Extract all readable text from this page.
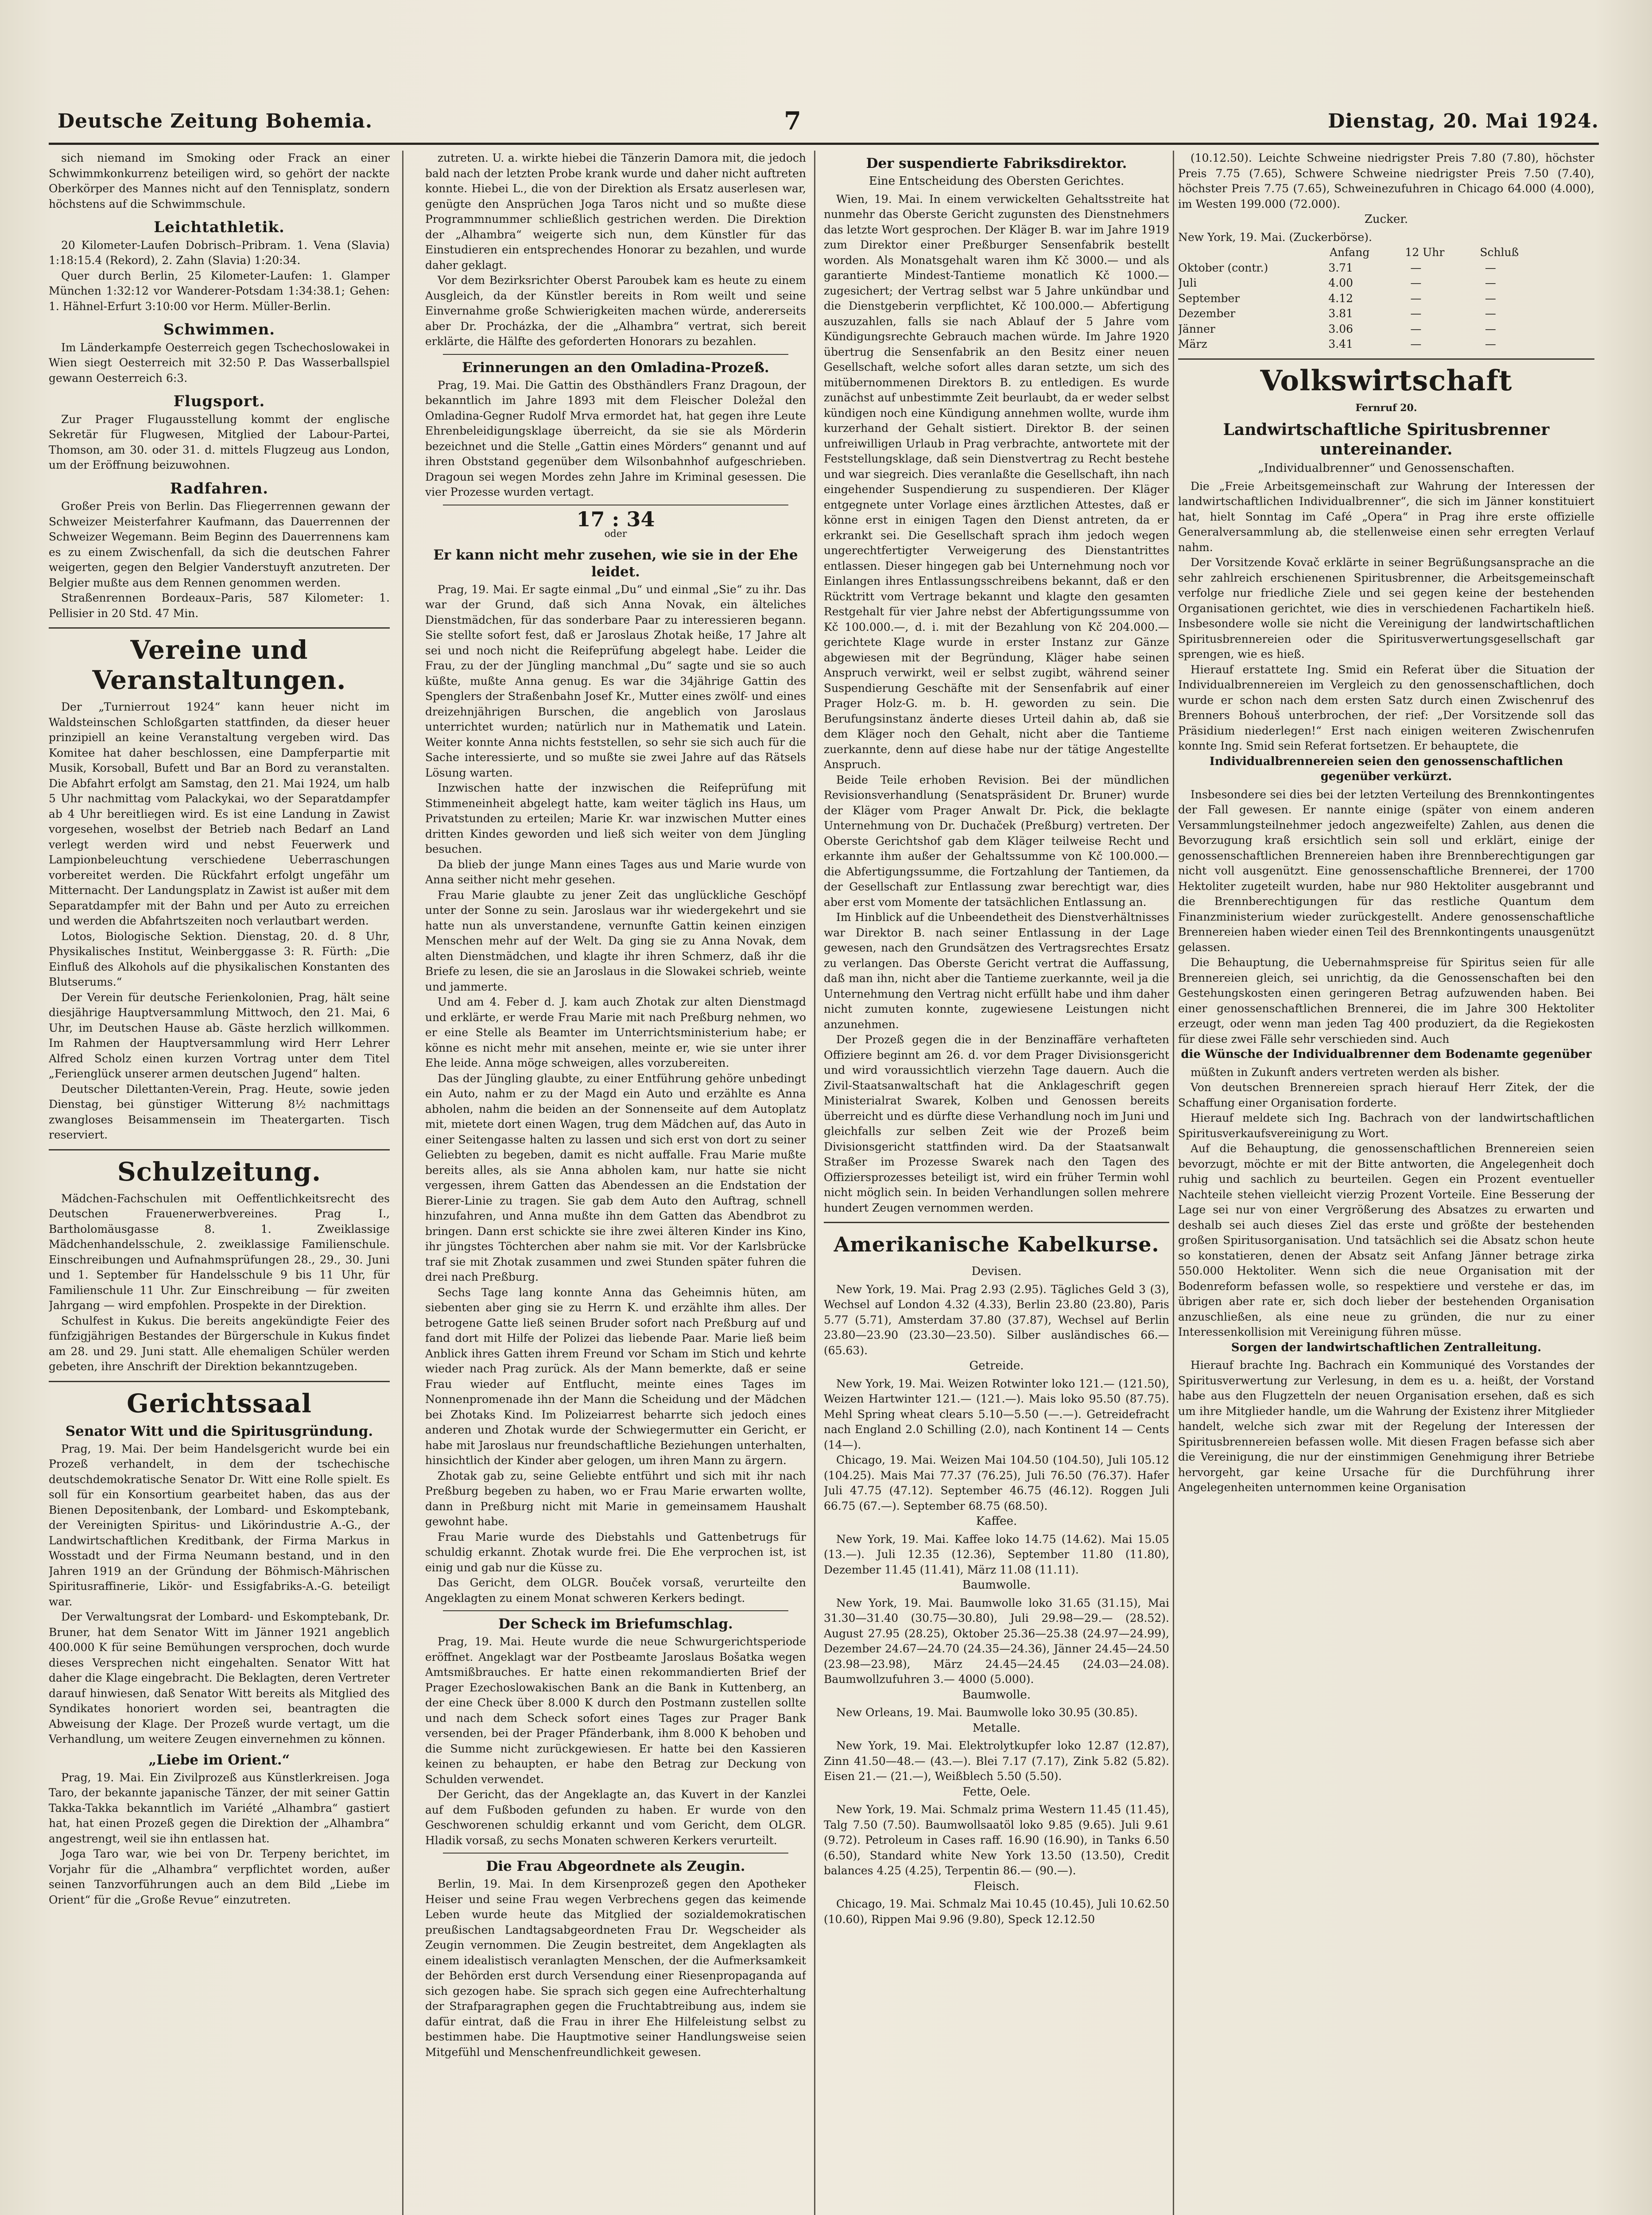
Deutsche Zeitung Bohemia.	7	Dienstag, 20. Mai 1924.

sich niemand im Smoking oder Frack an einer Schwimmkonkurrenz beteiligen wird, so gehört der nackte Oberkörper des Mannes nicht auf den Tennisplatz, sondern höchstens auf die Schwimmschule.

Leichtathletik.

20 Kilometer-Laufen Dobrisch–Pribram. 1. Vena (Slavia) 1:18:15.4 (Rekord), 2. Zahn (Slavia) 1:20:34.

Quer durch Berlin, 25 Kilometer-Laufen: 1. Glamper München 1:32:12 vor Wanderer-Potsdam 1:34:38.1; Gehen: 1. Hähnel-Erfurt 3:10:00 vor Herm. Müller-Berlin.

Schwimmen.

Im Länderkampfe Oesterreich gegen Tschechoslowakei in Wien siegt Oesterreich mit 32:50 P. Das Wasserballspiel gewann Oesterreich 6:3.

Flugsport.

Zur Prager Flugausstellung kommt der englische Sekretär für Flugwesen, Mitglied der Labour-Partei, Thomson, am 30. oder 31. d. mittels Flugzeug aus London, um der Eröffnung beizuwohnen.

Radfahren.

Großer Preis von Berlin. Das Fliegerrennen gewann der Schweizer Meisterfahrer Kaufmann, das Dauerrennen der Schweizer Wegemann. Beim Beginn des Dauerrennens kam es zu einem Zwischenfall, da sich die deutschen Fahrer weigerten, gegen den Belgier Vanderstuyft anzutreten. Der Belgier mußte aus dem Rennen genommen werden.

Straßenrennen Bordeaux–Paris, 587 Kilometer: 1. Pellisier in 20 Std. 47 Min.

Vereine und Veranstaltungen.

Der „Turnierrout 1924“ kann heuer nicht im Waldsteinschen Schloßgarten stattfinden, da dieser heuer prinzipiell an keine Veranstaltung vergeben wird. Das Komitee hat daher beschlossen, eine Dampferpartie mit Musik, Korsoball, Bufett und Bar an Bord zu veranstalten. Die Abfahrt erfolgt am Samstag, den 21. Mai 1924, um halb 5 Uhr nachmittag vom Palackykai, wo der Separatdampfer ab 4 Uhr bereitliegen wird. Es ist eine Landung in Zawist vorgesehen, woselbst der Betrieb nach Bedarf an Land verlegt werden wird und nebst Feuerwerk und Lampionbeleuchtung verschiedene Ueberraschungen vorbereitet werden. Die Rückfahrt erfolgt ungefähr um Mitternacht. Der Landungsplatz in Zawist ist außer mit dem Separatdampfer mit der Bahn und per Auto zu erreichen und werden die Abfahrtszeiten noch verlautbart werden.

Lotos, Biologische Sektion. Dienstag, 20. d. 8 Uhr, Physikalisches Institut, Weinberggasse 3: R. Fürth: „Die Einfluß des Alkohols auf die physikalischen Konstanten des Blutserums.“

Der Verein für deutsche Ferienkolonien, Prag, hält seine diesjährige Hauptversammlung Mittwoch, den 21. Mai, 6 Uhr, im Deutschen Hause ab. Gäste herzlich willkommen. Im Rahmen der Hauptversammlung wird Herr Lehrer Alfred Scholz einen kurzen Vortrag unter dem Titel „Ferienglück unserer armen deutschen Jugend“ halten.

Deutscher Dilettanten-Verein, Prag. Heute, sowie jeden Dienstag, bei günstiger Witterung 8½ nachmittags zwangloses Beisammensein im Theatergarten. Tisch reserviert.

Schulzeitung.

Mädchen-Fachschulen mit Oeffentlichkeitsrecht des Deutschen Frauenerwerbvereines. Prag I., Bartholomäusgasse 8. 1. Zweiklassige Mädchenhandelsschule, 2. zweiklassige Familienschule. Einschreibungen und Aufnahmsprüfungen 28., 29., 30. Juni und 1. September für Handelsschule 9 bis 11 Uhr, für Familienschule 11 Uhr. Zur Einschreibung — für zweiten Jahrgang — wird empfohlen. Prospekte in der Direktion.

Schulfest in Kukus. Die bereits angekündigte Feier des fünfzigjährigen Bestandes der Bürgerschule in Kukus findet am 28. und 29. Juni statt. Alle ehemaligen Schüler werden gebeten, ihre Anschrift der Direktion bekanntzugeben.

Gerichtssaal
Senator Witt und die Spiritusgründung.

Prag, 19. Mai. Der beim Handelsgericht wurde bei ein Prozeß verhandelt, in dem der tschechische deutschdemokratische Senator Dr. Witt eine Rolle spielt. Es soll für ein Konsortium gearbeitet haben, das aus der Bienen Depositenbank, der Lombard- und Eskomptebank, der Vereinigten Spiritus- und Likörindustrie A.-G., der Landwirtschaftlichen Kreditbank, der Firma Markus in Wosstadt und der Firma Neumann bestand, und in den Jahren 1919 an der Gründung der Böhmisch-Mährischen Spiritusraffinerie, Likör- und Essigfabriks-A.-G. beteiligt war.

Der Verwaltungsrat der Lombard- und Eskomptebank, Dr. Bruner, hat dem Senator Witt im Jänner 1921 angeblich 400.000 K für seine Bemühungen versprochen, doch wurde dieses Versprechen nicht eingehalten. Senator Witt hat daher die Klage eingebracht. Die Beklagten, deren Vertreter darauf hinwiesen, daß Senator Witt bereits als Mitglied des Syndikates honoriert worden sei, beantragten die Abweisung der Klage. Der Prozeß wurde vertagt, um die Verhandlung, um weitere Zeugen einvernehmen zu können.

„Liebe im Orient.“

Prag, 19. Mai. Ein Zivilprozeß aus Künstlerkreisen. Joga Taro, der bekannte japanische Tänzer, der mit seiner Gattin Takka-Takka bekanntlich im Variété „Alhambra“ gastiert hat, hat einen Prozeß gegen die Direktion der „Alhambra“ angestrengt, weil sie ihn entlassen hat.

Joga Taro war, wie bei von Dr. Terpeny berichtet, im Vorjahr für die „Alhambra“ verpflichtet worden, außer seinen Tanzvorführungen auch an dem Bild „Liebe im Orient“ für die „Große Revue“ einzutreten.

zutreten. U. a. wirkte hiebei die Tänzerin Damora mit, die jedoch bald nach der letzten Probe krank wurde und daher nicht auftreten konnte. Hiebei L., die von der Direktion als Ersatz auserlesen war, genügte den Ansprüchen Joga Taros nicht und so mußte diese Programmnummer schließlich gestrichen werden. Die Direktion der „Alhambra“ weigerte sich nun, dem Künstler für das Einstudieren ein entsprechendes Honorar zu bezahlen, und wurde daher geklagt.

Vor dem Bezirksrichter Oberst Paroubek kam es heute zu einem Ausgleich, da der Künstler bereits in Rom weilt und seine Einvernahme große Schwierigkeiten machen würde, andererseits aber Dr. Procházka, der die „Alhambra“ vertrat, sich bereit erklärte, die Hälfte des geforderten Honorars zu bezahlen.

Erinnerungen an den Omladina-Prozeß.

Prag, 19. Mai. Die Gattin des Obsthändlers Franz Dragoun, der bekanntlich im Jahre 1893 mit dem Fleischer Doležal den Omladina-Gegner Rudolf Mrva ermordet hat, hat gegen ihre Leute Ehrenbeleidigungsklage überreicht, da sie sie als Mörderin bezeichnet und die Stelle „Gattin eines Mörders“ genannt und auf ihren Obststand gegenüber dem Wilsonbahnhof aufgeschrieben. Dragoun sei wegen Mordes zehn Jahre im Kriminal gesessen. Die vier Prozesse wurden vertagt.

17 : 34
oder
Er kann nicht mehr zusehen, wie sie in der Ehe leidet.

Prag, 19. Mai. Er sagte einmal „Du“ und einmal „Sie“ zu ihr. Das war der Grund, daß sich Anna Novak, ein älteliches Dienstmädchen, für das sonderbare Paar zu interessieren begann. Sie stellte sofort fest, daß er Jaroslaus Zhotak heiße, 17 Jahre alt sei und noch nicht die Reifeprüfung abgelegt habe. Leider die Frau, zu der der Jüngling manchmal „Du“ sagte und sie so auch küßte, mußte Anna genug. Es war die 34jährige Gattin des Spenglers der Straßenbahn Josef Kr., Mutter eines zwölf- und eines dreizehnjährigen Burschen, die angeblich von Jaroslaus unterrichtet wurden; natürlich nur in Mathematik und Latein. Weiter konnte Anna nichts feststellen, so sehr sie sich auch für die Sache interessierte, und so mußte sie zwei Jahre auf das Rätsels Lösung warten.

Inzwischen hatte der inzwischen die Reifeprüfung mit Stimmeneinheit abgelegt hatte, kam weiter täglich ins Haus, um Privatstunden zu erteilen; Marie Kr. war inzwischen Mutter eines dritten Kindes geworden und ließ sich weiter von dem Jüngling besuchen.

Da blieb der junge Mann eines Tages aus und Marie wurde von Anna seither nicht mehr gesehen.

Frau Marie glaubte zu jener Zeit das unglückliche Geschöpf unter der Sonne zu sein. Jaroslaus war ihr wiedergekehrt und sie hatte nun als unverstandene, vernunfte Gattin keinen einzigen Menschen mehr auf der Welt. Da ging sie zu Anna Novak, dem alten Dienstmädchen, und klagte ihr ihren Schmerz, daß ihr die Briefe zu lesen, die sie an Jaroslaus in die Slowakei schrieb, weinte und jammerte.

Und am 4. Feber d. J. kam auch Zhotak zur alten Dienstmagd und erklärte, er werde Frau Marie mit nach Preßburg nehmen, wo er eine Stelle als Beamter im Unterrichtsministerium habe; er könne es nicht mehr mit ansehen, meinte er, wie sie unter ihrer Ehe leide. Anna möge schweigen, alles vorzubereiten.

Das der Jüngling glaubte, zu einer Entführung gehöre unbedingt ein Auto, nahm er zu der Magd ein Auto und erzählte es Anna abholen, nahm die beiden an der Sonnenseite auf dem Autoplatz mit, mietete dort einen Wagen, trug dem Mädchen auf, das Auto in einer Seitengasse halten zu lassen und sich erst von dort zu seiner Geliebten zu begeben, damit es nicht auffalle. Frau Marie mußte bereits alles, als sie Anna abholen kam, nur hatte sie nicht vergessen, ihrem Gatten das Abendessen an die Endstation der Bierer-Linie zu tragen. Sie gab dem Auto den Auftrag, schnell hinzufahren, und Anna mußte ihn dem Gatten das Abendbrot zu bringen. Dann erst schickte sie ihre zwei älteren Kinder ins Kino, ihr jüngstes Töchterchen aber nahm sie mit. Vor der Karlsbrücke traf sie mit Zhotak zusammen und zwei Stunden später fuhren die drei nach Preßburg.

Sechs Tage lang konnte Anna das Geheimnis hüten, am siebenten aber ging sie zu Herrn K. und erzählte ihm alles. Der betrogene Gatte ließ seinen Bruder sofort nach Preßburg auf und fand dort mit Hilfe der Polizei das liebende Paar. Marie ließ beim Anblick ihres Gatten ihrem Freund vor Scham im Stich und kehrte wieder nach Prag zurück. Als der Mann bemerkte, daß er seine Frau wieder auf Entflucht, meinte eines Tages im Nonnenpromenade ihn der Mann die Scheidung und der Mädchen bei Zhotaks Kind. Im Polizeiarrest beharrte sich jedoch eines anderen und Zhotak wurde der Schwiegermutter ein Gericht, er habe mit Jaroslaus nur freundschaftliche Beziehungen unterhalten, hinsichtlich der Kinder aber gelogen, um ihren Mann zu ärgern.

Zhotak gab zu, seine Geliebte entführt und sich mit ihr nach Preßburg begeben zu haben, wo er Frau Marie erwarten wollte, dann in Preßburg nicht mit Marie in gemeinsamem Haushalt gewohnt habe.

Frau Marie wurde des Diebstahls und Gattenbetrugs für schuldig erkannt. Zhotak wurde frei. Die Ehe verprochen ist, ist einig und gab nur die Küsse zu.

Das Gericht, dem OLGR. Bouček vorsaß, verurteilte den Angeklagten zu einem Monat schweren Kerkers bedingt.

Der Scheck im Briefumschlag.

Prag, 19. Mai. Heute wurde die neue Schwurgerichtsperiode eröffnet. Angeklagt war der Postbeamte Jaroslaus Bošatka wegen Amtsmißbrauches. Er hatte einen rekommandierten Brief der Prager Ezechoslowakischen Bank an die Bank in Kuttenberg, an der eine Check über 8.000 K durch den Postmann zustellen sollte und nach dem Scheck sofort eines Tages zur Prager Bank versenden, bei der Prager Pfänderbank, ihm 8.000 K behoben und die Summe nicht zurückgewiesen. Er hatte bei den Kassieren keinen zu behaupten, er habe den Betrag zur Deckung von Schulden verwendet.

Der Gericht, das der Angeklagte an, das Kuvert in der Kanzlei auf dem Fußboden gefunden zu haben. Er wurde von den Geschworenen schuldig erkannt und vom Gericht, dem OLGR. Hladik vorsaß, zu sechs Monaten schweren Kerkers verurteilt.

Die Frau Abgeordnete als Zeugin.

Berlin, 19. Mai. In dem Kirsenprozeß gegen den Apotheker Heiser und seine Frau wegen Verbrechens gegen das keimende Leben wurde heute das Mitglied der sozialdemokratischen preußischen Landtagsabgeordneten Frau Dr. Wegscheider als Zeugin vernommen. Die Zeugin bestreitet, dem Angeklagten als einem idealistisch veranlagten Menschen, der die Aufmerksamkeit der Behörden erst durch Versendung einer Riesenpropaganda auf sich gezogen habe. Sie sprach sich gegen eine Aufrechterhaltung der Strafparagraphen gegen die Fruchtabtreibung aus, indem sie dafür eintrat, daß die Frau in ihrer Ehe Hilfeleistung selbst zu bestimmen habe. Die Hauptmotive seiner Handlungsweise seien Mitgefühl und Menschenfreundlichkeit gewesen.

Der suspendierte Fabriksdirektor.
Eine Entscheidung des Obersten Gerichtes.

Wien, 19. Mai. In einem verwickelten Gehaltsstreite hat nunmehr das Oberste Gericht zugunsten des Dienstnehmers das letzte Wort gesprochen. Der Kläger B. war im Jahre 1919 zum Direktor einer Preßburger Sensenfabrik bestellt worden. Als Monatsgehalt waren ihm Kč 3000.— und als garantierte Mindest-Tantieme monatlich Kč 1000.— zugesichert; der Vertrag selbst war 5 Jahre unkündbar und die Dienstgeberin verpflichtet, Kč 100.000.— Abfertigung auszuzahlen, falls sie nach Ablauf der 5 Jahre vom Kündigungsrechte Gebrauch machen würde. Im Jahre 1920 übertrug die Sensenfabrik an den Besitz einer neuen Gesellschaft, welche sofort alles daran setzte, um sich des mitübernommenen Direktors B. zu entledigen. Es wurde zunächst auf unbestimmte Zeit beurlaubt, da er weder selbst kündigen noch eine Kündigung annehmen wollte, wurde ihm kurzerhand der Gehalt sistiert. Direktor B. der seinen unfreiwilligen Urlaub in Prag verbrachte, antwortete mit der Feststellungsklage, daß sein Dienstvertrag zu Recht bestehe und war siegreich. Dies veranlaßte die Gesellschaft, ihn nach eingehender Suspendierung zu suspendieren. Der Kläger entgegnete unter Vorlage eines ärztlichen Attestes, daß er könne erst in einigen Tagen den Dienst antreten, da er erkrankt sei. Die Gesellschaft sprach ihm jedoch wegen ungerechtfertigter Verweigerung des Dienstantrittes entlassen. Dieser hingegen gab bei Unternehmung noch vor Einlangen ihres Entlassungsschreibens bekannt, daß er den Rücktritt vom Vertrage bekannt und klagte den gesamten Restgehalt für vier Jahre nebst der Abfertigungssumme von Kč 100.000.—, d. i. mit der Bezahlung von Kč 204.000.— gerichtete Klage wurde in erster Instanz zur Gänze abgewiesen mit der Begründung, Kläger habe seinen Anspruch verwirkt, weil er selbst zugibt, während seiner Suspendierung Geschäfte mit der Sensenfabrik auf einer Prager Holz-G. m. b. H. geworden zu sein. Die Berufungsinstanz änderte dieses Urteil dahin ab, daß sie dem Kläger noch den Gehalt, nicht aber die Tantieme zuerkannte, denn auf diese habe nur der tätige Angestellte Anspruch.

Beide Teile erhoben Revision. Bei der mündlichen Revisionsverhandlung (Senatspräsident Dr. Bruner) wurde der Kläger vom Prager Anwalt Dr. Pick, die beklagte Unternehmung von Dr. Duchaček (Preßburg) vertreten. Der Oberste Gerichtshof gab dem Kläger teilweise Recht und erkannte ihm außer der Gehaltssumme von Kč 100.000.— die Abfertigungssumme, die Fortzahlung der Tantiemen, da der Gesellschaft zur Entlassung zwar berechtigt war, dies aber erst vom Momente der tatsächlichen Entlassung an.

Im Hinblick auf die Unbeendetheit des Dienstverhältnisses war Direktor B. nach seiner Entlassung in der Lage gewesen, nach den Grundsätzen des Vertragsrechtes Ersatz zu verlangen. Das Oberste Gericht vertrat die Auffassung, daß man ihn, nicht aber die Tantieme zuerkannte, weil ja die Unternehmung den Vertrag nicht erfüllt habe und ihm daher nicht zumuten konnte, zugewiesene Leistungen nicht anzunehmen.

Der Prozeß gegen die in der Benzinaffäre verhafteten Offiziere beginnt am 26. d. vor dem Prager Divisionsgericht und wird voraussichtlich vierzehn Tage dauern. Auch die Zivil-Staatsanwaltschaft hat die Anklageschrift gegen Ministerialrat Swarek, Kolben und Genossen bereits überreicht und es dürfte diese Verhandlung noch im Juni und gleichfalls zur selben Zeit wie der Prozeß beim Divisionsgericht stattfinden wird. Da der Staatsanwalt Straßer im Prozesse Swarek nach den Tagen des Offiziersprozesses beteiligt ist, wird ein früher Termin wohl nicht möglich sein. In beiden Verhandlungen sollen mehrere hundert Zeugen vernommen werden.

Amerikanische Kabelkurse.
Devisen.

New York, 19. Mai. Prag 2.93 (2.95). Tägliches Geld 3 (3), Wechsel auf London 4.32 (4.33), Berlin 23.80 (23.80), Paris 5.77 (5.71), Amsterdam 37.80 (37.87), Wechsel auf Berlin 23.80—23.90 (23.30—23.50). Silber ausländisches 66.— (65.63).

Getreide.

New York, 19. Mai. Weizen Rotwinter loko 121.— (121.50), Weizen Hartwinter 121.— (121.—). Mais loko 95.50 (87.75). Mehl Spring wheat clears 5.10—5.50 (—.—). Getreidefracht nach England 2.0 Schilling (2.0), nach Kontinent 14 — Cents (14—).

Chicago, 19. Mai. Weizen Mai 104.50 (104.50), Juli 105.12 (104.25). Mais Mai 77.37 (76.25), Juli 76.50 (76.37). Hafer Juli 47.75 (47.12). September 46.75 (46.12). Roggen Juli 66.75 (67.—). September 68.75 (68.50).

Kaffee.

New York, 19. Mai. Kaffee loko 14.75 (14.62). Mai 15.05 (13.—). Juli 12.35 (12.36), September 11.80 (11.80), Dezember 11.45 (11.41), März 11.08 (11.11).

Baumwolle.

New York, 19. Mai. Baumwolle loko 31.65 (31.15), Mai 31.30—31.40 (30.75—30.80), Juli 29.98—29.— (28.52). August 27.95 (28.25), Oktober 25.36—25.38 (24.97—24.99), Dezember 24.67—24.70 (24.35—24.36), Jänner 24.45—24.50 (23.98—23.98), März 24.45—24.45 (24.03—24.08). Baumwollzufuhren 3.— 4000 (5.000).

Baumwolle.

New Orleans, 19. Mai. Baumwolle loko 30.95 (30.85).

Metalle.

New York, 19. Mai. Elektrolytkupfer loko 12.87 (12.87), Zinn 41.50—48.— (43.—). Blei 7.17 (7.17), Zink 5.82 (5.82). Eisen 21.— (21.—), Weißblech 5.50 (5.50).

Fette, Oele.

New York, 19. Mai. Schmalz prima Western 11.45 (11.45), Talg 7.50 (7.50). Baumwollsaatöl loko 9.85 (9.65). Juli 9.61 (9.72). Petroleum in Cases raff. 16.90 (16.90), in Tanks 6.50 (6.50), Standard white New York 13.50 (13.50), Credit balances 4.25 (4.25), Terpentin 86.— (90.—).

Fleisch.

Chicago, 19. Mai. Schmalz Mai 10.45 (10.45), Juli 10.62.50 (10.60), Rippen Mai 9.96 (9.80), Speck 12.12.50

(10.12.50). Leichte Schweine niedrigster Preis 7.80 (7.80), höchster Preis 7.75 (7.65), Schwere Schweine niedrigster Preis 7.50 (7.40), höchster Preis 7.75 (7.65), Schweinezufuhren in Chicago 64.000 (4.000), im Westen 199.000 (72.000).

Zucker.
New York, 19. Mai. (Zuckerbörse).
	Anfang	12 Uhr	Schluß
Oktober (contr.)	3.71	—	—
Juli	4.00	—	—
September	4.12	—	—
Dezember	3.81	—	—
Jänner	3.06	—	—
März	3.41	—	—
Volkswirtschaft
Fernruf 20.
Landwirtschaftliche Spiritusbrenner untereinander.
„Individualbrenner“ und Genossenschaften.

Die „Freie Arbeitsgemeinschaft zur Wahrung der Interessen der landwirtschaftlichen Individualbrenner“, die sich im Jänner konstituiert hat, hielt Sonntag im Café „Opera“ in Prag ihre erste offizielle Generalversammlung ab, die stellenweise einen sehr erregten Verlauf nahm.

Der Vorsitzende Kovač erklärte in seiner Begrüßungsansprache an die sehr zahlreich erschienenen Spiritusbrenner, die Arbeitsgemeinschaft verfolge nur friedliche Ziele und sei gegen keine der bestehenden Organisationen gerichtet, wie dies in verschiedenen Fachartikeln hieß. Insbesondere wolle sie nicht die Vereinigung der landwirtschaftlichen Spiritusbrennereien oder die Spiritusverwertungsgesellschaft gar sprengen, wie es hieß.

Hierauf erstattete Ing. Smid ein Referat über die Situation der Individualbrennereien im Vergleich zu den genossenschaftlichen, doch wurde er schon nach dem ersten Satz durch einen Zwischenruf des Brenners Bohouš unterbrochen, der rief: „Der Vorsitzende soll das Präsidium niederlegen!“ Erst nach einigen weiteren Zwischenrufen konnte Ing. Smid sein Referat fortsetzen. Er behauptete, die

Individualbrennereien seien den genossenschaftlichen gegenüber verkürzt.

Insbesondere sei dies bei der letzten Verteilung des Brennkontingentes der Fall gewesen. Er nannte einige (später von einem anderen Versammlungsteilnehmer jedoch angezweifelte) Zahlen, aus denen die Bevorzugung kraß ersichtlich sein soll und erklärt, einige der genossenschaftlichen Brennereien haben ihre Brennberechtigungen gar nicht voll ausgenützt. Eine genossenschaftliche Brennerei, der 1700 Hektoliter zugeteilt wurden, habe nur 980 Hektoliter ausgebrannt und die Brennberechtigungen für das restliche Quantum dem Finanzministerium wieder zurückgestellt. Andere genossenschaftliche Brennereien haben wieder einen Teil des Brennkontingents unausgenützt gelassen.

Die Behauptung, die Uebernahmspreise für Spiritus seien für alle Brennereien gleich, sei unrichtig, da die Genossenschaften bei den Gestehungskosten einen geringeren Betrag aufzuwenden haben. Bei einer genossenschaftlichen Brennerei, die im Jahre 300 Hektoliter erzeugt, oder wenn man jeden Tag 400 produziert, da die Regiekosten für diese zwei Fälle sehr verschieden sind. Auch

die Wünsche der Individualbrenner dem Bodenamte gegenüber

müßten in Zukunft anders vertreten werden als bisher.

Von deutschen Brennereien sprach hierauf Herr Zitek, der die Schaffung einer Organisation forderte.

Hierauf meldete sich Ing. Bachrach von der landwirtschaftlichen Spiritusverkaufsvereinigung zu Wort.

Auf die Behauptung, die genossenschaftlichen Brennereien seien bevorzugt, möchte er mit der Bitte antworten, die Angelegenheit doch ruhig und sachlich zu beurteilen. Gegen ein Prozent eventueller Nachteile stehen vielleicht vierzig Prozent Vorteile. Eine Besserung der Lage sei nur von einer Vergrößerung des Absatzes zu erwarten und deshalb sei auch dieses Ziel das erste und größte der bestehenden großen Spiritusorganisation. Und tatsächlich sei die Absatz schon heute so konstatieren, denen der Absatz seit Anfang Jänner betrage zirka 550.000 Hektoliter. Wenn sich die neue Organisation mit der Bodenreform befassen wolle, so respektiere und verstehe er das, im übrigen aber rate er, sich doch lieber der bestehenden Organisation anzuschließen, als eine neue zu gründen, die nur zu einer Interessenkollision mit Vereinigung führen müsse.

Sorgen der landwirtschaftlichen Zentralleitung.

Hierauf brachte Ing. Bachrach ein Kommuniqué des Vorstandes der Spiritusverwertung zur Verlesung, in dem es u. a. heißt, der Vorstand habe aus den Flugzetteln der neuen Organisation ersehen, daß es sich um ihre Mitglieder handle, um die Wahrung der Existenz ihrer Mitglieder handelt, welche sich zwar mit der Regelung der Interessen der Spiritusbrennereien befassen wolle. Mit diesen Fragen befasse sich aber die Vereinigung, die nur der einstimmigen Genehmigung ihrer Betriebe hervorgeht, gar keine Ursache für die Durchführung ihrer Angelegenheiten unternommen keine Organisation
